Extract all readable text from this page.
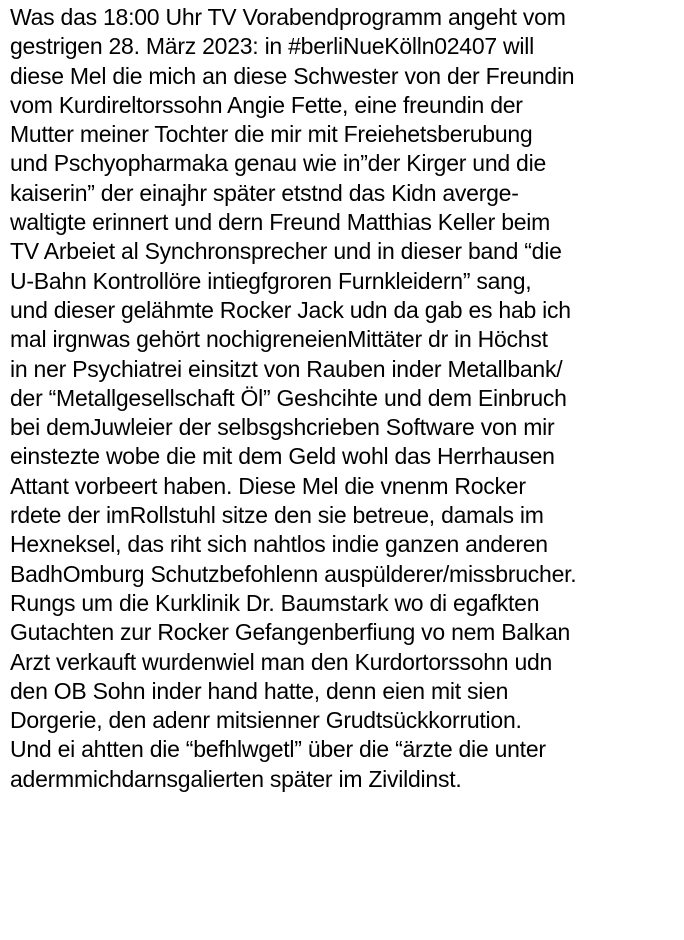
Was das 18:00 Uhr TV Vorabendprogramm angeht vom
gestrigen 28. März 2023: in #berliNueKölln02407 will
diese Mel die mich an diese Schwester von der Freundin
vom Kurdireltorssohn Angie Fette, eine freundin der
Mutter meiner Tochter die mir mit Freiehetsberubung
und Pschyopharmaka genau wie in”der Kirger und die
kaiserin” der einajhr später etstnd das Kidn averge-
waltigte erinnert und dern Freund Matthias Keller beim
TV Arbeiet al Synchronsprecher und in dieser band “die
U-Bahn Kontrollöre intiegfgroren Furnkleidern” sang,
und dieser gelähmte Rocker Jack udn da gab es hab ich
mal irgnwas gehört nochigreneienMittäter dr in Höchst
in ner Psychiatrei einsitzt von Rauben inder Metallbank/
der “Metallgesellschaft Öl” Geshcihte und dem Einbruch
bei demJuwleier der selbsgshcrieben Software von mir
einstezte wobe die mit dem Geld wohl das Herrhausen
Attant vorbeert haben. Diese Mel die vnenm Rocker
rdete der imRollstuhl sitze den sie betreue, damals im
Hexneksel, das riht sich nahtlos indie ganzen anderen
BadhOmburg Schutzbefohlenn auspülderer/missbrucher.
Rungs um die Kurklinik Dr. Baumstark wo di egafkten
Gutachten zur Rocker Gefangenberfiung vo nem Balkan
Arzt verkauft wurdenwiel man den Kurdortorssohn udn
den OB Sohn inder hand hatte, denn eien mit sien
Dorgerie, den adenr mitsienner Grudtsückkorrution.
Und ei ahtten die “befhlwgetl” über die “ärzte die unter
adermmichdarnsgalierten später im Zivildinst.
